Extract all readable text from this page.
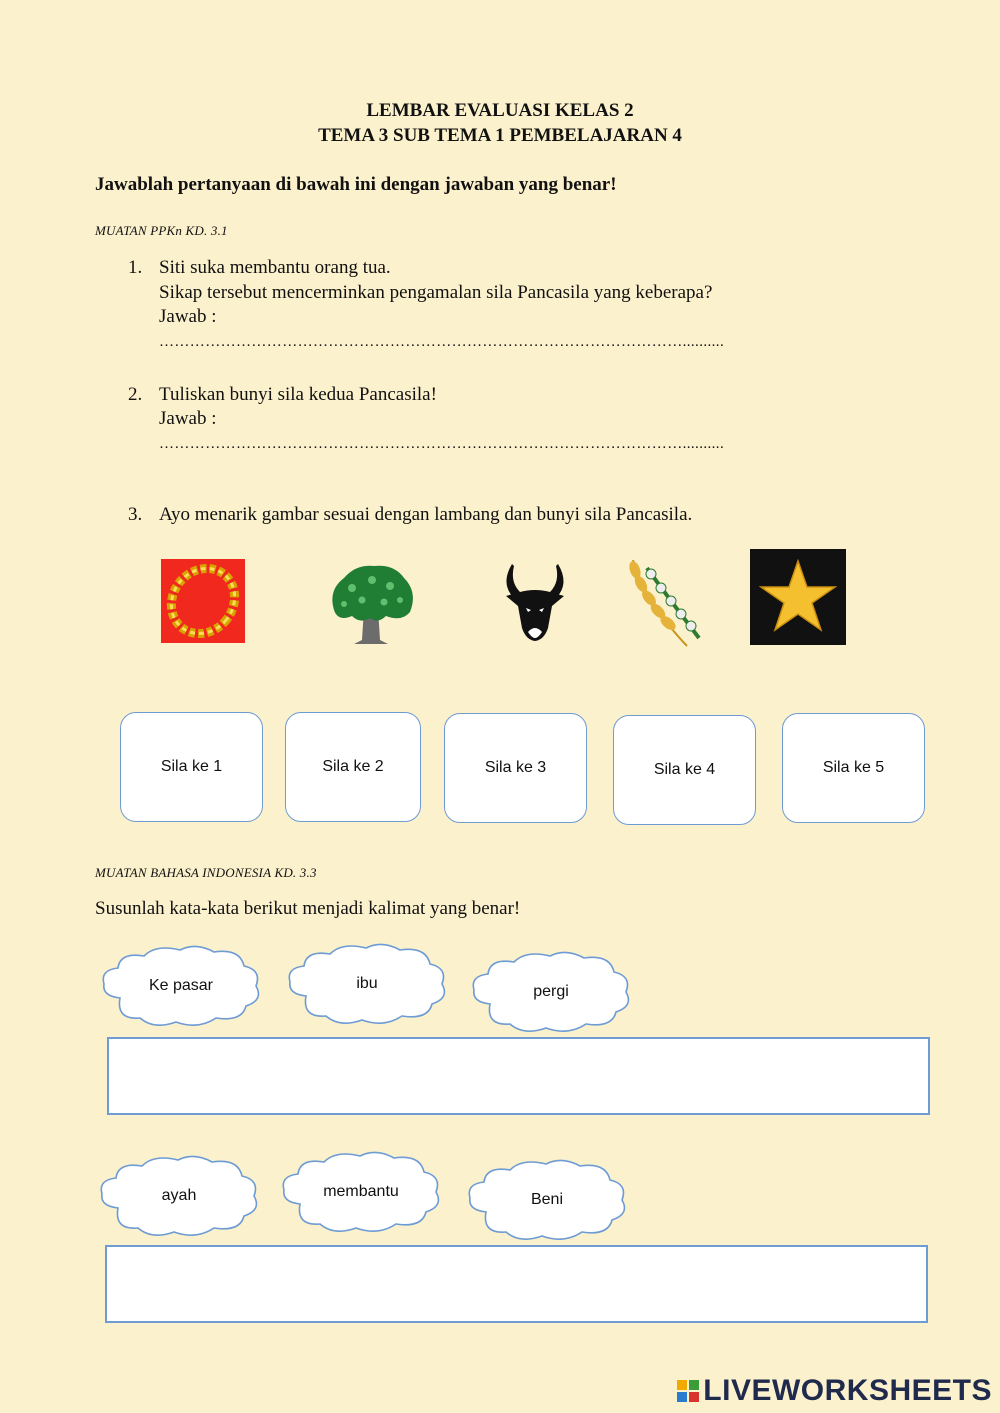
LEMBAR EVALUASI KELAS 2
TEMA 3 SUB TEMA 1 PEMBELAJARAN 4
Jawablah pertanyaan di bawah ini dengan jawaban yang benar!
MUATAN PPKn KD. 3.1
1. Siti suka membantu orang tua.
Sikap tersebut mencerminkan pengamalan sila Pancasila yang keberapa?
Jawab :
…………………………………………………………………………………………..........
2. Tuliskan bunyi sila kedua Pancasila!
Jawab :
…………………………………………………………………………………………..........
3. Ayo menarik gambar sesuai dengan lambang dan bunyi sila Pancasila.
Sila ke 1	Sila ke 2	Sila ke 3	Sila ke 4	Sila ke 5
MUATAN BAHASA INDONESIA KD. 3.3
Susunlah kata-kata berikut menjadi kalimat yang benar!
Ke pasar	ibu	pergi
ayah	membantu	Beni
LIVEWORKSHEETS
